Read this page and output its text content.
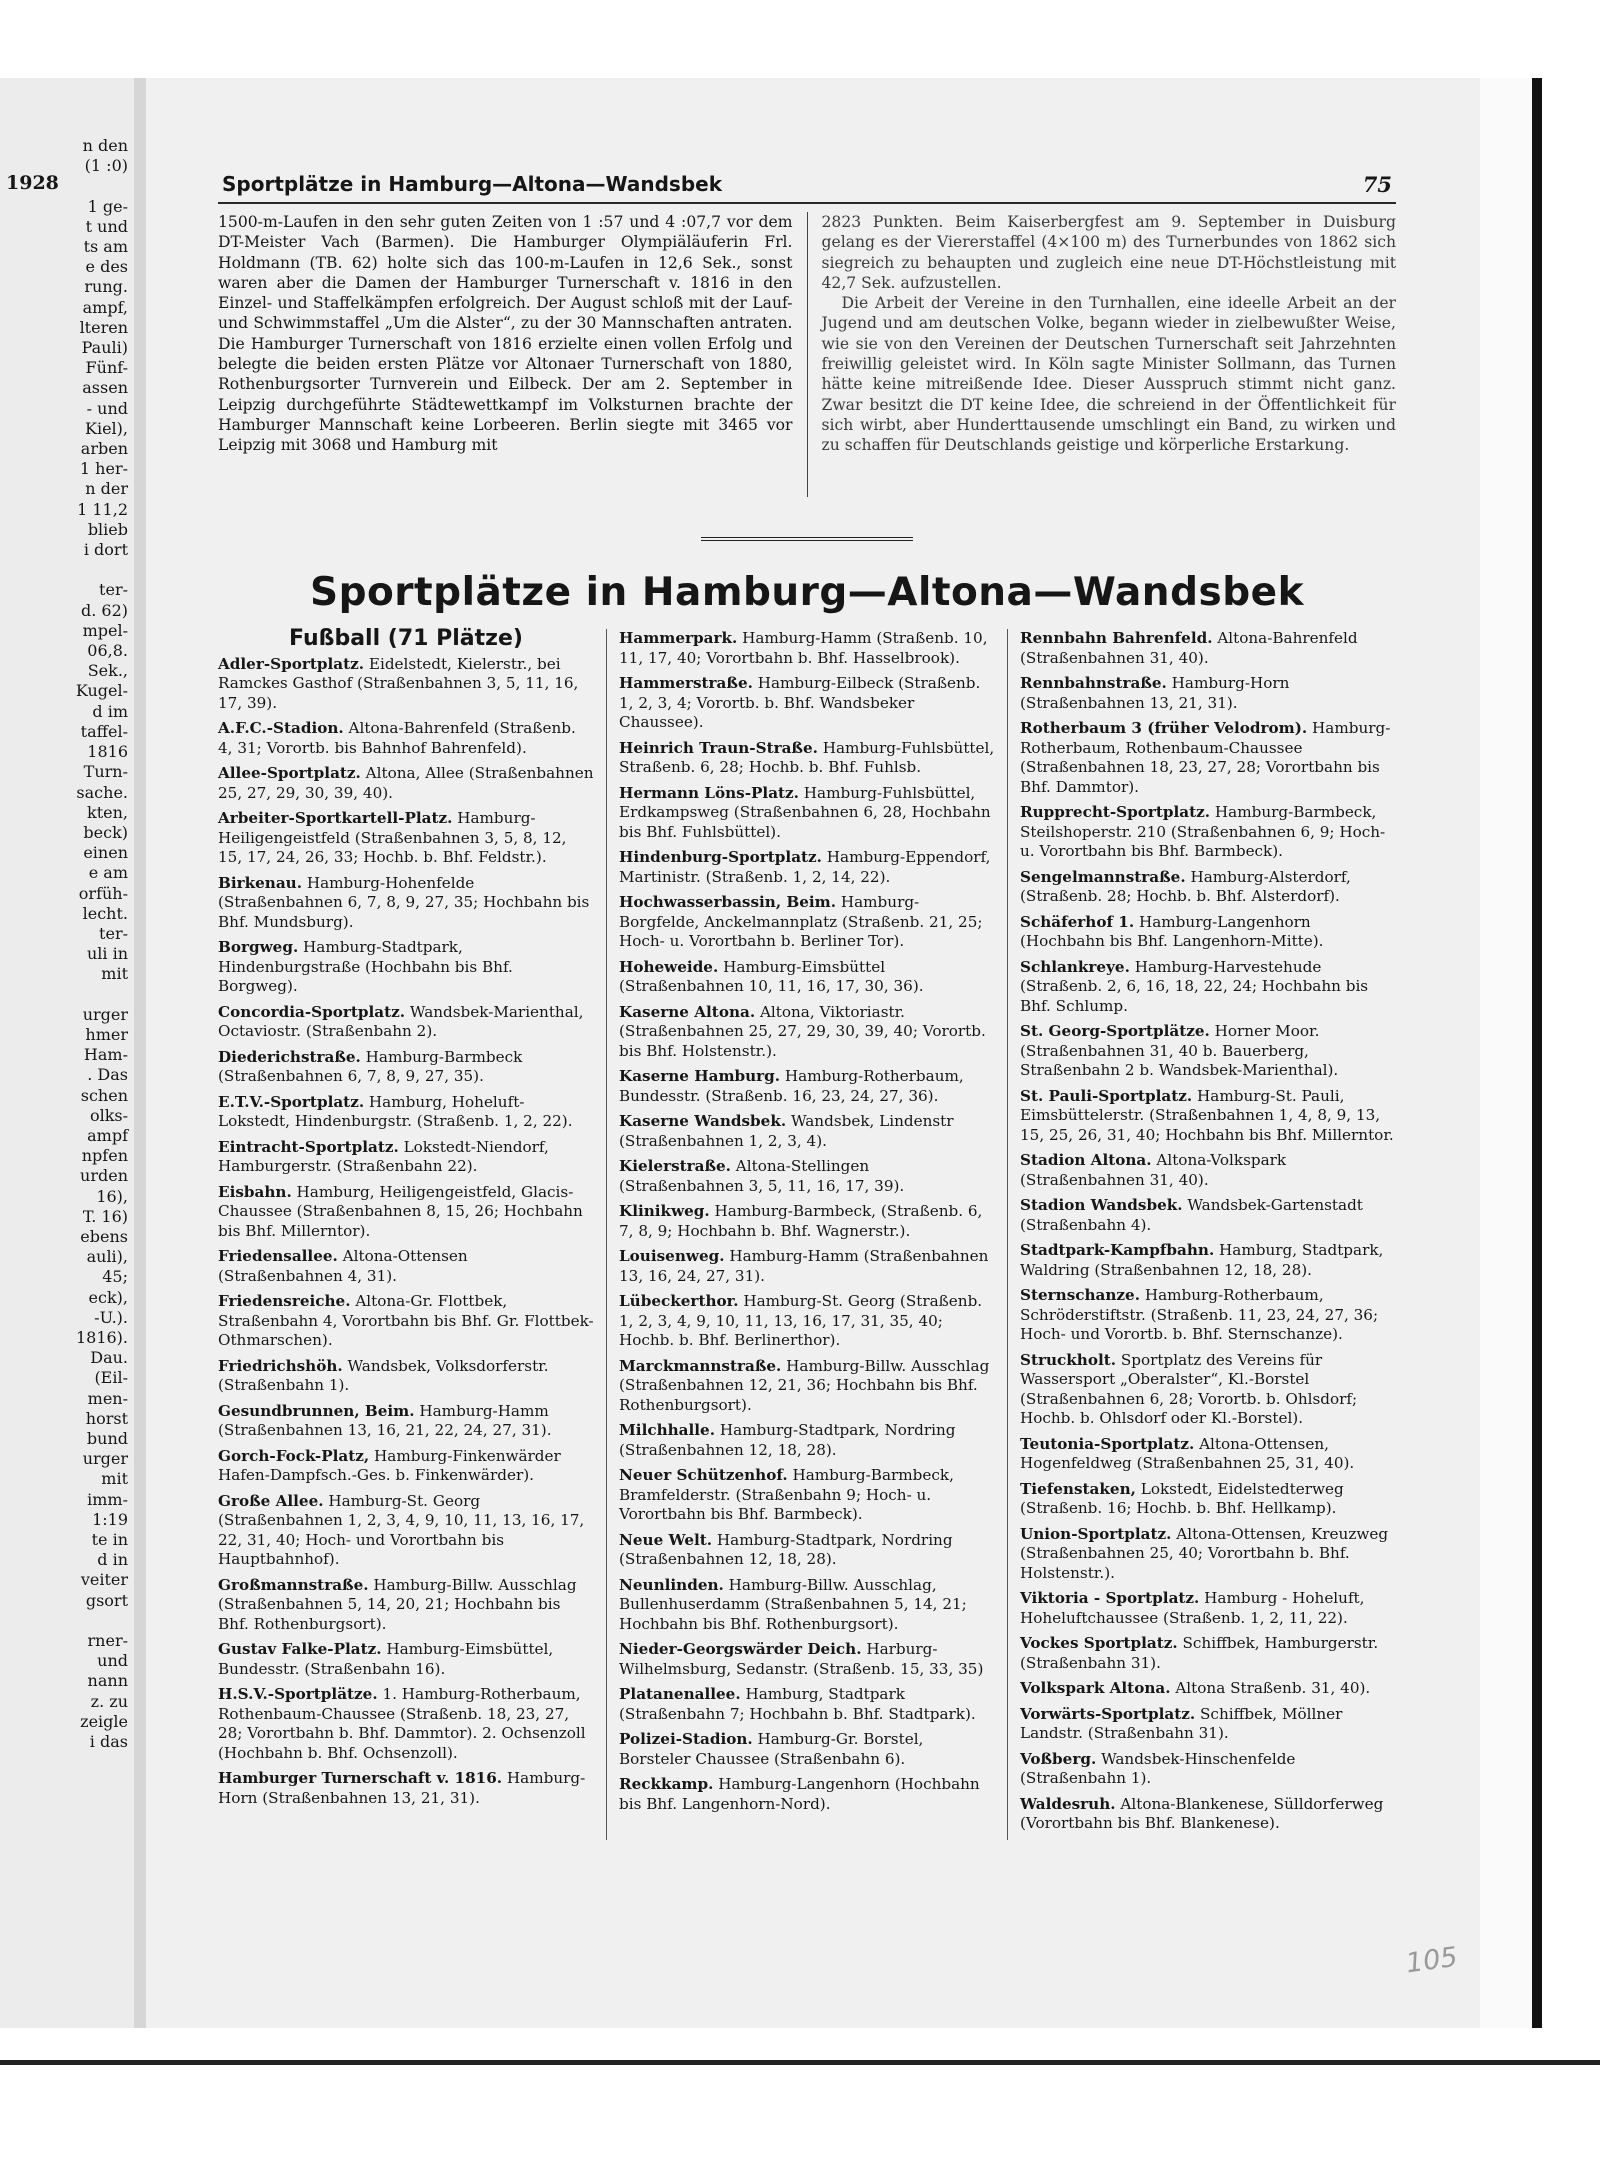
1928
n den
(1 :0)

1 ge-
t und
ts am
e des
rung.
ampf,
lteren
Pauli)
Fünf-
assen
- und
Kiel),
arben
1 her-
n der
1 11,2
blieb
i dort

ter-
d. 62)
mpel-
06,8.
Sek.,
Kugel-
d im
taffel-
1816
Turn-
sache.
kten,
beck)
einen
e am
orfüh-
lecht.
ter-
uli in
mit

urger
hmer
Ham-
. Das
schen
olks-
ampf
npfen
urden
16),
T. 16)
ebens
auli),
45;
eck),
-U.).
1816).
Dau.
(Eil-
men-
horst
bund
urger
mit
imm-
1:19
te in
d in
veiter
gsort

rner-
und
nann
z. zu
zeigle
i das
Sportplätze in Hamburg—Altona—Wandsbek	75

1500-m-Laufen in den sehr guten Zeiten von 1 :57 und 4 :07,7 vor dem DT-Meister Vach (Barmen). Die Hamburger Olympiäläuferin Frl. Holdmann (TB. 62) holte sich das 100-m-Laufen in 12,6 Sek., sonst waren aber die Damen der Hamburger Turnerschaft v. 1816 in den Einzel- und Staffelkämpfen erfolgreich. Der August schloß mit der Lauf- und Schwimmstaffel „Um die Alster“, zu der 30 Mannschaften antraten. Die Hamburger Turnerschaft von 1816 erzielte einen vollen Erfolg und belegte die beiden ersten Plätze vor Altonaer Turnerschaft von 1880, Rothenburgsorter Turnverein und Eilbeck. Der am 2. September in Leipzig durchgeführte Städtewettkampf im Volksturnen brachte der Hamburger Mannschaft keine Lorbeeren. Berlin siegte mit 3465 vor Leipzig mit 3068 und Hamburg mit

2823 Punkten. Beim Kaiserbergfest am 9. September in Duisburg gelang es der Viererstaffel (4×100 m) des Turnerbundes von 1862 sich siegreich zu behaupten und zugleich eine neue DT-Höchstleistung mit 42,7 Sek. aufzustellen.

Die Arbeit der Vereine in den Turnhallen, eine ideelle Arbeit an der Jugend und am deutschen Volke, begann wieder in zielbewußter Weise, wie sie von den Vereinen der Deutschen Turnerschaft seit Jahrzehnten freiwillig geleistet wird. In Köln sagte Minister Sollmann, das Turnen hätte keine mitreißende Idee. Dieser Ausspruch stimmt nicht ganz. Zwar besitzt die DT keine Idee, die schreiend in der Öffentlichkeit für sich wirbt, aber Hunderttausende umschlingt ein Band, zu wirken und zu schaffen für Deutschlands geistige und körperliche Erstarkung.

Sportplätze in Hamburg—Altona—Wandsbek
Fußball (71 Plätze)
Adler-Sportplatz. Eidelstedt, Kielerstr., bei Ramckes Gasthof (Straßenbahnen 3, 5, 11, 16, 17, 39).
A.F.C.-Stadion. Altona-Bahrenfeld (Straßenb. 4, 31; Vorortb. bis Bahnhof Bahrenfeld).
Allee-Sportplatz. Altona, Allee (Straßenbahnen 25, 27, 29, 30, 39, 40).
Arbeiter-Sportkartell-Platz. Hamburg-Heiligengeistfeld (Straßenbahnen 3, 5, 8, 12, 15, 17, 24, 26, 33; Hochb. b. Bhf. Feldstr.).
Birkenau. Hamburg-Hohenfelde (Straßenbahnen 6, 7, 8, 9, 27, 35; Hochbahn bis Bhf. Mundsburg).
Borgweg. Hamburg-Stadtpark, Hindenburgstraße (Hochbahn bis Bhf. Borgweg).
Concordia-Sportplatz. Wandsbek-Marienthal, Octaviostr. (Straßenbahn 2).
Diederichstraße. Hamburg-Barmbeck (Straßenbahnen 6, 7, 8, 9, 27, 35).
E.T.V.-Sportplatz. Hamburg, Hoheluft-Lokstedt, Hindenburgstr. (Straßenb. 1, 2, 22).
Eintracht-Sportplatz. Lokstedt-Niendorf, Hamburgerstr. (Straßenbahn 22).
Eisbahn. Hamburg, Heiligengeistfeld, Glacis-Chaussee (Straßenbahnen 8, 15, 26; Hochbahn bis Bhf. Millerntor).
Friedensallee. Altona-Ottensen (Straßenbahnen 4, 31).
Friedensreiche. Altona-Gr. Flottbek, Straßenbahn 4, Vorortbahn bis Bhf. Gr. Flottbek-Othmarschen).
Friedrichshöh. Wandsbek, Volksdorferstr. (Straßenbahn 1).
Gesundbrunnen, Beim. Hamburg-Hamm (Straßenbahnen 13, 16, 21, 22, 24, 27, 31).
Gorch-Fock-Platz, Hamburg-Finkenwärder Hafen-Dampfsch.-Ges. b. Finkenwärder).
Große Allee. Hamburg-St. Georg (Straßenbahnen 1, 2, 3, 4, 9, 10, 11, 13, 16, 17, 22, 31, 40; Hoch- und Vorortbahn bis Hauptbahnhof).
Großmannstraße. Hamburg-Billw. Ausschlag (Straßenbahnen 5, 14, 20, 21; Hochbahn bis Bhf. Rothenburgsort).
Gustav Falke-Platz. Hamburg-Eimsbüttel, Bundesstr. (Straßenbahn 16).
H.S.V.-Sportplätze. 1. Hamburg-Rotherbaum, Rothenbaum-Chaussee (Straßenb. 18, 23, 27, 28; Vorortbahn b. Bhf. Dammtor). 2. Ochsenzoll (Hochbahn b. Bhf. Ochsenzoll).
Hamburger Turnerschaft v. 1816. Hamburg-Horn (Straßenbahnen 13, 21, 31).
Hammerpark. Hamburg-Hamm (Straßenb. 10, 11, 17, 40; Vorortbahn b. Bhf. Hasselbrook).
Hammerstraße. Hamburg-Eilbeck (Straßenb. 1, 2, 3, 4; Vorortb. b. Bhf. Wandsbeker Chaussee).
Heinrich Traun-Straße. Hamburg-Fuhlsbüttel, Straßenb. 6, 28; Hochb. b. Bhf. Fuhlsb.
Hermann Löns-Platz. Hamburg-Fuhlsbüttel, Erdkampsweg (Straßenbahnen 6, 28, Hochbahn bis Bhf. Fuhlsbüttel).
Hindenburg-Sportplatz. Hamburg-Eppendorf, Martinistr. (Straßenb. 1, 2, 14, 22).
Hochwasserbassin, Beim. Hamburg-Borgfelde, Anckelmannplatz (Straßenb. 21, 25; Hoch- u. Vorortbahn b. Berliner Tor).
Hoheweide. Hamburg-Eimsbüttel (Straßenbahnen 10, 11, 16, 17, 30, 36).
Kaserne Altona. Altona, Viktoriastr. (Straßenbahnen 25, 27, 29, 30, 39, 40; Vorortb. bis Bhf. Holstenstr.).
Kaserne Hamburg. Hamburg-Rotherbaum, Bundesstr. (Straßenb. 16, 23, 24, 27, 36).
Kaserne Wandsbek. Wandsbek, Lindenstr (Straßenbahnen 1, 2, 3, 4).
Kielerstraße. Altona-Stellingen (Straßenbahnen 3, 5, 11, 16, 17, 39).
Klinikweg. Hamburg-Barmbeck, (Straßenb. 6, 7, 8, 9; Hochbahn b. Bhf. Wagnerstr.).
Louisenweg. Hamburg-Hamm (Straßenbahnen 13, 16, 24, 27, 31).
Lübeckerthor. Hamburg-St. Georg (Straßenb. 1, 2, 3, 4, 9, 10, 11, 13, 16, 17, 31, 35, 40; Hochb. b. Bhf. Berlinerthor).
Marckmannstraße. Hamburg-Billw. Ausschlag (Straßenbahnen 12, 21, 36; Hochbahn bis Bhf. Rothenburgsort).
Milchhalle. Hamburg-Stadtpark, Nordring (Straßenbahnen 12, 18, 28).
Neuer Schützenhof. Hamburg-Barmbeck, Bramfelderstr. (Straßenbahn 9; Hoch- u. Vorortbahn bis Bhf. Barmbeck).
Neue Welt. Hamburg-Stadtpark, Nordring (Straßenbahnen 12, 18, 28).
Neunlinden. Hamburg-Billw. Ausschlag, Bullenhuserdamm (Straßenbahnen 5, 14, 21; Hochbahn bis Bhf. Rothenburgsort).
Nieder-Georgswärder Deich. Harburg-Wilhelmsburg, Sedanstr. (Straßenb. 15, 33, 35)
Platanenallee. Hamburg, Stadtpark (Straßenbahn 7; Hochbahn b. Bhf. Stadtpark).
Polizei-Stadion. Hamburg-Gr. Borstel, Borsteler Chaussee (Straßenbahn 6).
Reckkamp. Hamburg-Langenhorn (Hochbahn bis Bhf. Langenhorn-Nord).
Rennbahn Bahrenfeld. Altona-Bahrenfeld (Straßenbahnen 31, 40).
Rennbahnstraße. Hamburg-Horn (Straßenbahnen 13, 21, 31).
Rotherbaum 3 (früher Velodrom). Hamburg-Rotherbaum, Rothenbaum-Chaussee (Straßenbahnen 18, 23, 27, 28; Vorortbahn bis Bhf. Dammtor).
Rupprecht-Sportplatz. Hamburg-Barmbeck, Steilshoperstr. 210 (Straßenbahnen 6, 9; Hoch- u. Vorortbahn bis Bhf. Barmbeck).
Sengelmannstraße. Hamburg-Alsterdorf, (Straßenb. 28; Hochb. b. Bhf. Alsterdorf).
Schäferhof 1. Hamburg-Langenhorn (Hochbahn bis Bhf. Langenhorn-Mitte).
Schlankreye. Hamburg-Harvestehude (Straßenb. 2, 6, 16, 18, 22, 24; Hochbahn bis Bhf. Schlump.
St. Georg-Sportplätze. Horner Moor. (Straßenbahnen 31, 40 b. Bauerberg, Straßenbahn 2 b. Wandsbek-Marienthal).
St. Pauli-Sportplatz. Hamburg-St. Pauli, Eimsbüttelerstr. (Straßenbahnen 1, 4, 8, 9, 13, 15, 25, 26, 31, 40; Hochbahn bis Bhf. Millerntor.
Stadion Altona. Altona-Volkspark (Straßenbahnen 31, 40).
Stadion Wandsbek. Wandsbek-Gartenstadt (Straßenbahn 4).
Stadtpark-Kampfbahn. Hamburg, Stadtpark, Waldring (Straßenbahnen 12, 18, 28).
Sternschanze. Hamburg-Rotherbaum, Schröderstiftstr. (Straßenb. 11, 23, 24, 27, 36; Hoch- und Vorortb. b. Bhf. Sternschanze).
Struckholt. Sportplatz des Vereins für Wassersport „Oberalster“, Kl.-Borstel (Straßenbahnen 6, 28; Vorortb. b. Ohlsdorf; Hochb. b. Ohlsdorf oder Kl.-Borstel).
Teutonia-Sportplatz. Altona-Ottensen, Hogenfeldweg (Straßenbahnen 25, 31, 40).
Tiefenstaken, Lokstedt, Eidelstedterweg (Straßenb. 16; Hochb. b. Bhf. Hellkamp).
Union-Sportplatz. Altona-Ottensen, Kreuzweg (Straßenbahnen 25, 40; Vorortbahn b. Bhf. Holstenstr.).
Viktoria - Sportplatz. Hamburg - Hoheluft, Hoheluftchaussee (Straßenb. 1, 2, 11, 22).
Vockes Sportplatz. Schiffbek, Hamburgerstr. (Straßenbahn 31).
Volkspark Altona. Altona Straßenb. 31, 40).
Vorwärts-Sportplatz. Schiffbek, Möllner Landstr. (Straßenbahn 31).
Voßberg. Wandsbek-Hinschenfelde (Straßenbahn 1).
Waldesruh. Altona-Blankenese, Sülldorferweg (Vorortbahn bis Bhf. Blankenese).
105
